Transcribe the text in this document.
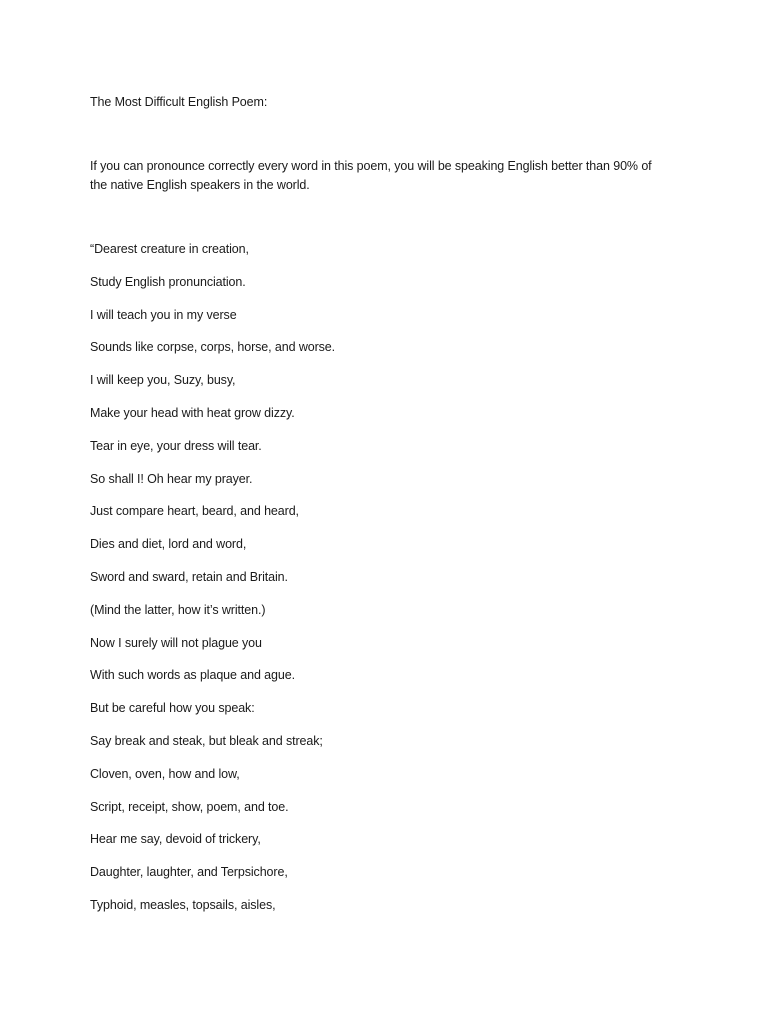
The Most Difficult English Poem:

If you can pronounce correctly every word in this poem, you will be speaking English better than 90% of
the native English speakers in the world.
“Dearest creature in creation,
Study English pronunciation.
I will teach you in my verse
Sounds like corpse, corps, horse, and worse.
I will keep you, Suzy, busy,
Make your head with heat grow dizzy.
Tear in eye, your dress will tear.
So shall I! Oh hear my prayer.
Just compare heart, beard, and heard,
Dies and diet, lord and word,
Sword and sward, retain and Britain.
(Mind the latter, how it’s written.)
Now I surely will not plague you
With such words as plaque and ague.
But be careful how you speak:
Say break and steak, but bleak and streak;
Cloven, oven, how and low,
Script, receipt, show, poem, and toe.
Hear me say, devoid of trickery,
Daughter, laughter, and Terpsichore,
Typhoid, measles, topsails, aisles,
